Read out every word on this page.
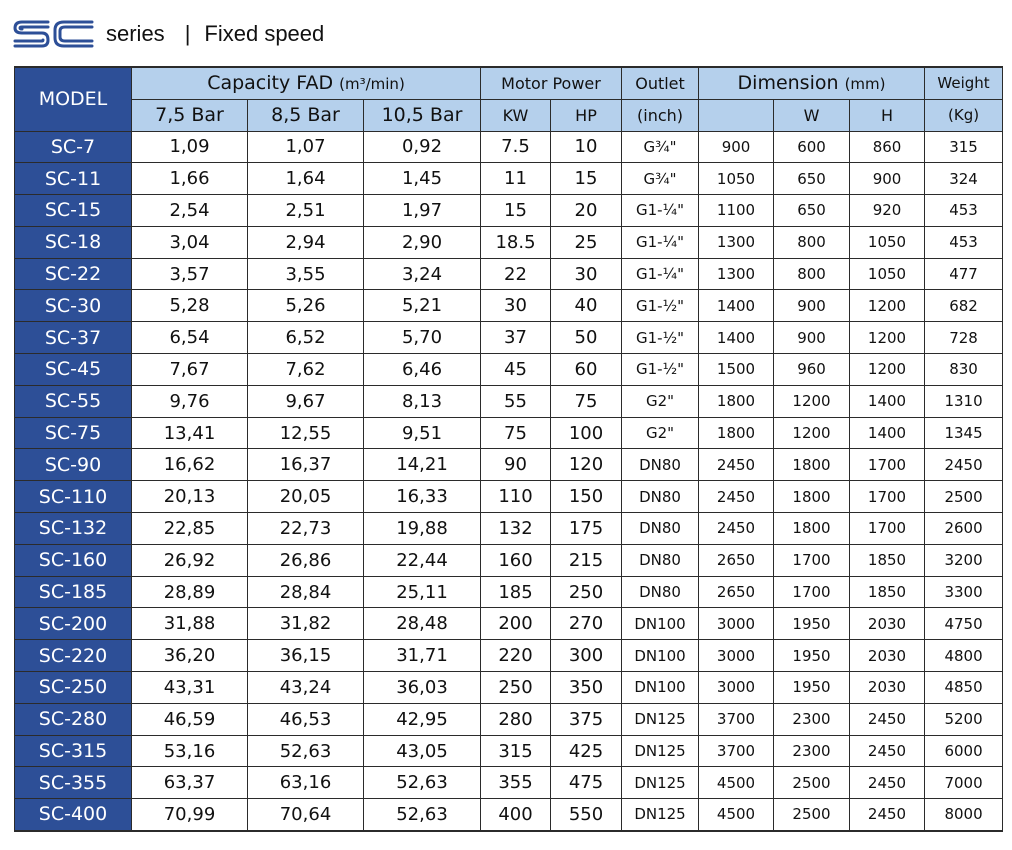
series | Fixed speed
MODEL	Capacity FAD (m³/min)			Motor Power		Outlet	Dimension (mm)			Weight
	7,5 Bar	8,5 Bar	10,5 Bar	KW	HP	(inch)		W	H	(Kg)
SC-7	1,09	1,07	0,92	7.5	10	G¾"	900	600	860	315
SC-11	1,66	1,64	1,45	11	15	G¾"	1050	650	900	324
SC-15	2,54	2,51	1,97	15	20	G1-¼"	1100	650	920	453
SC-18	3,04	2,94	2,90	18.5	25	G1-¼"	1300	800	1050	453
SC-22	3,57	3,55	3,24	22	30	G1-¼"	1300	800	1050	477
SC-30	5,28	5,26	5,21	30	40	G1-½"	1400	900	1200	682
SC-37	6,54	6,52	5,70	37	50	G1-½"	1400	900	1200	728
SC-45	7,67	7,62	6,46	45	60	G1-½"	1500	960	1200	830
SC-55	9,76	9,67	8,13	55	75	G2"	1800	1200	1400	1310
SC-75	13,41	12,55	9,51	75	100	G2"	1800	1200	1400	1345
SC-90	16,62	16,37	14,21	90	120	DN80	2450	1800	1700	2450
SC-110	20,13	20,05	16,33	110	150	DN80	2450	1800	1700	2500
SC-132	22,85	22,73	19,88	132	175	DN80	2450	1800	1700	2600
SC-160	26,92	26,86	22,44	160	215	DN80	2650	1700	1850	3200
SC-185	28,89	28,84	25,11	185	250	DN80	2650	1700	1850	3300
SC-200	31,88	31,82	28,48	200	270	DN100	3000	1950	2030	4750
SC-220	36,20	36,15	31,71	220	300	DN100	3000	1950	2030	4800
SC-250	43,31	43,24	36,03	250	350	DN100	3000	1950	2030	4850
SC-280	46,59	46,53	42,95	280	375	DN125	3700	2300	2450	5200
SC-315	53,16	52,63	43,05	315	425	DN125	3700	2300	2450	6000
SC-355	63,37	63,16	52,63	355	475	DN125	4500	2500	2450	7000
SC-400	70,99	70,64	52,63	400	550	DN125	4500	2500	2450	8000
